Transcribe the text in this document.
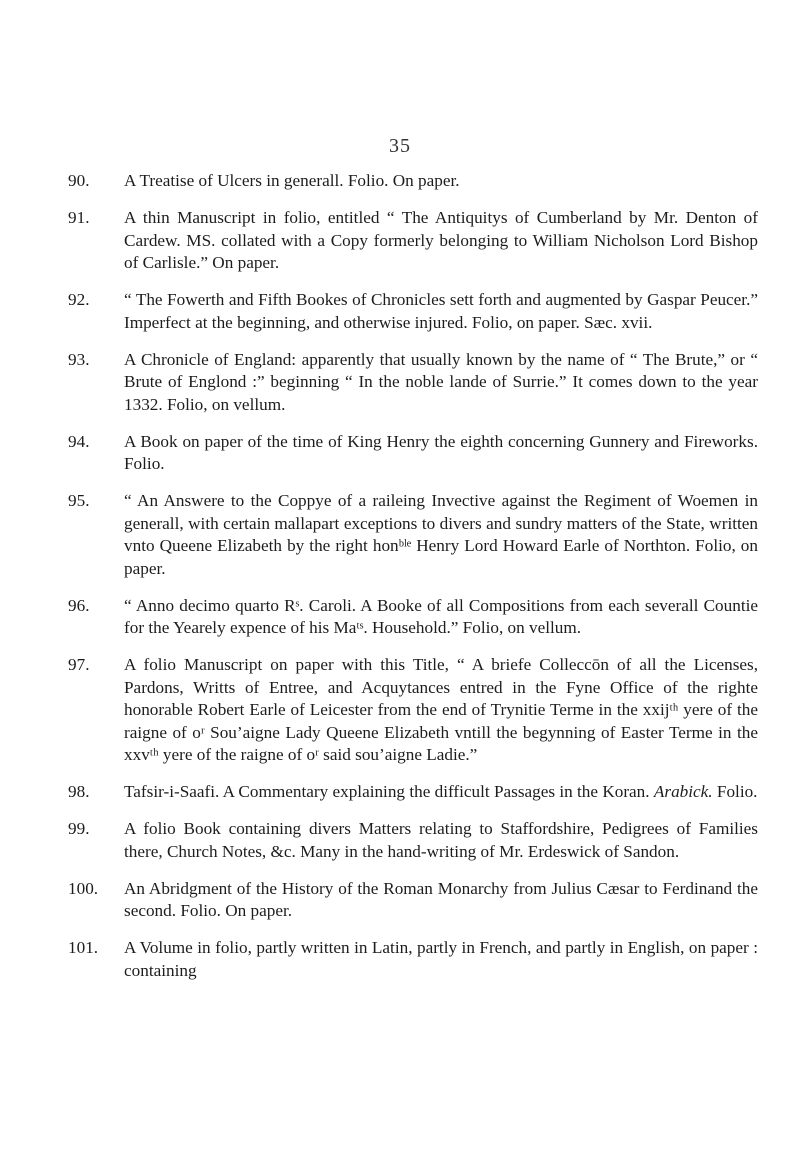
35
90.	A Treatise of Ulcers in generall. Folio. On paper.
91.	A thin Manuscript in folio, entitled “ The Antiquitys of Cumberland by Mr. Denton of Cardew. MS. collated with a Copy formerly belonging to William Nicholson Lord Bishop of Carlisle.” On paper.
92.	“ The Fowerth and Fifth Bookes of Chronicles sett forth and augmented by Gaspar Peucer.” Imperfect at the beginning, and otherwise injured. Folio, on paper. Sæc. xvii.
93.	A Chronicle of England: apparently that usually known by the name of “ The Brute,” or “ Brute of Englond :” beginning “ In the noble lande of Surrie.” It comes down to the year 1332. Folio, on vellum.
94.	A Book on paper of the time of King Henry the eighth concerning Gunnery and Fireworks. Folio.
95.	“ An Answere to the Coppye of a raileing Invective against the Regiment of Woemen in generall, with certain mallapart exceptions to divers and sundry matters of the State, written vnto Queene Elizabeth by the right honᵇˡᵉ Henry Lord Howard Earle of Northton. Folio, on paper.
96.	“ Anno decimo quarto Rˢ. Caroli. A Booke of all Compositions from each severall Countie for the Yearely expence of his Maᵗˢ. Household.” Folio, on vellum.
97.	A folio Manuscript on paper with this Title, “ A briefe Colleccōn of all the Licenses, Pardons, Writts of Entree, and Acquytances entred in the Fyne Office of the righte honorable Robert Earle of Leicester from the end of Trynitie Terme in the xxijᵗʰ yere of the raigne of oʳ Sou’aigne Lady Queene Elizabeth vntill the begynning of Easter Terme in the xxvᵗʰ yere of the raigne of oʳ said sou’aigne Ladie.”
98.	Tafsir-i-Saafi. A Commentary explaining the difficult Passages in the Koran. Arabick. Folio.
99.	A folio Book containing divers Matters relating to Staffordshire, Pedigrees of Families there, Church Notes, &c. Many in the hand-writing of Mr. Erdeswick of Sandon.
100.	An Abridgment of the History of the Roman Monarchy from Julius Cæsar to Ferdinand the second. Folio. On paper.
101.	A Volume in folio, partly written in Latin, partly in French, and partly in English, on paper : containing
